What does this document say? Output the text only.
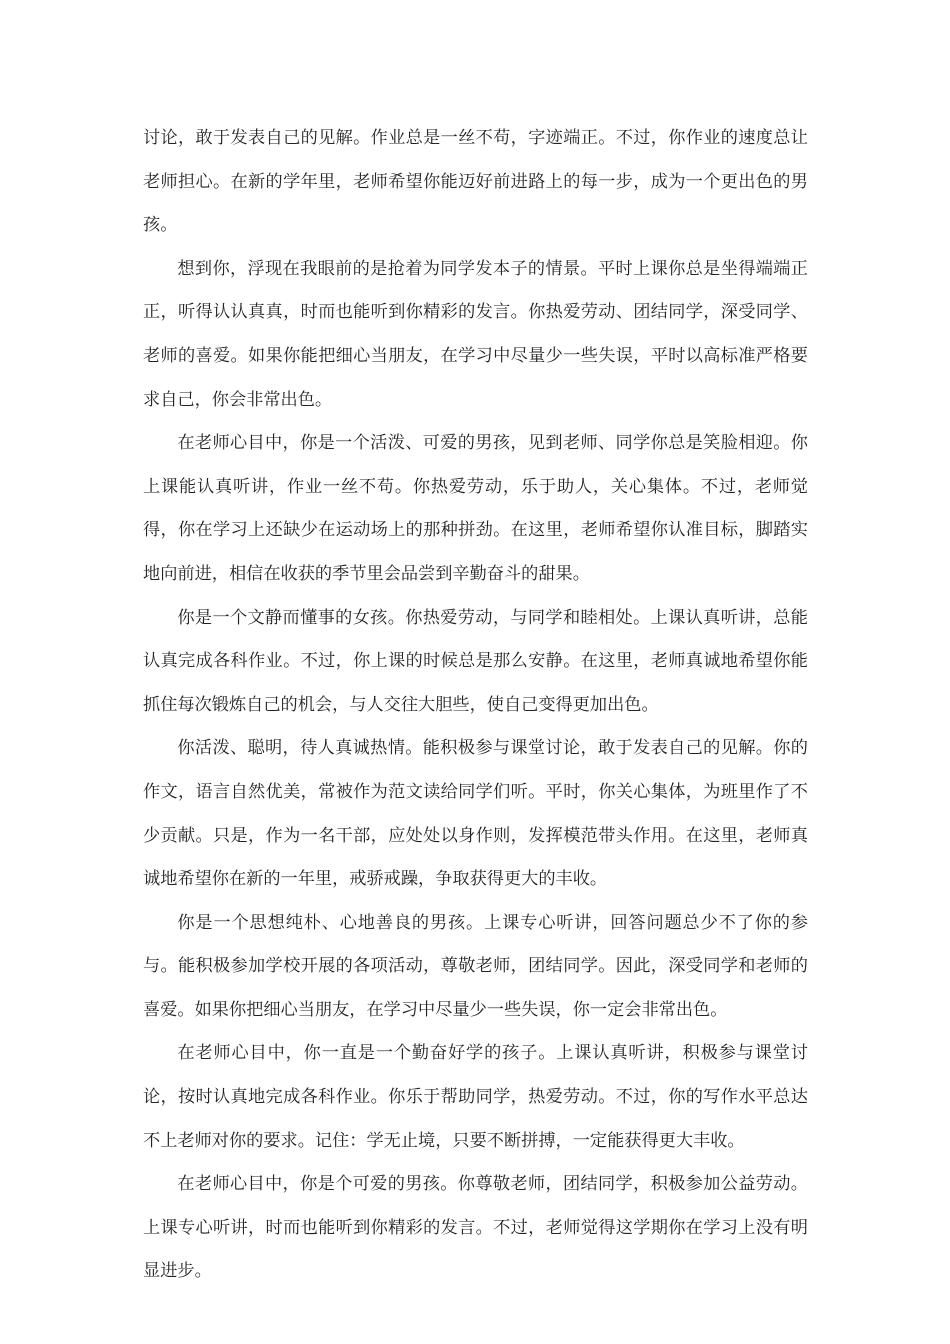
讨论，敢于发表自己的见解。作业总是一丝不苟，字迹端正。不过，你作业的速度总让老师担心。在新的学年里，老师希望你能迈好前进路上的每一步，成为一个更出色的男孩。

想到你，浮现在我眼前的是抢着为同学发本子的情景。平时上课你总是坐得端端正正，听得认认真真，时而也能听到你精彩的发言。你热爱劳动、团结同学，深受同学、老师的喜爱。如果你能把细心当朋友，在学习中尽量少一些失误，平时以高标准严格要求自己，你会非常出色。

在老师心目中，你是一个活泼、可爱的男孩，见到老师、同学你总是笑脸相迎。你上课能认真听讲，作业一丝不苟。你热爱劳动，乐于助人，关心集体。不过，老师觉得，你在学习上还缺少在运动场上的那种拼劲。在这里，老师希望你认准目标，脚踏实地向前进，相信在收获的季节里会品尝到辛勤奋斗的甜果。

你是一个文静而懂事的女孩。你热爱劳动，与同学和睦相处。上课认真听讲，总能认真完成各科作业。不过，你上课的时候总是那么安静。在这里，老师真诚地希望你能抓住每次锻炼自己的机会，与人交往大胆些，使自己变得更加出色。

你活泼、聪明，待人真诚热情。能积极参与课堂讨论，敢于发表自己的见解。你的作文，语言自然优美，常被作为范文读给同学们听。平时，你关心集体，为班里作了不少贡献。只是，作为一名干部，应处处以身作则，发挥模范带头作用。在这里，老师真诚地希望你在新的一年里，戒骄戒躁，争取获得更大的丰收。

你是一个思想纯朴、心地善良的男孩。上课专心听讲，回答问题总少不了你的参与。能积极参加学校开展的各项活动，尊敬老师，团结同学。因此，深受同学和老师的喜爱。如果你把细心当朋友，在学习中尽量少一些失误，你一定会非常出色。

在老师心目中，你一直是一个勤奋好学的孩子。上课认真听讲，积极参与课堂讨论，按时认真地完成各科作业。你乐于帮助同学，热爱劳动。不过，你的写作水平总达不上老师对你的要求。记住：学无止境，只要不断拼搏，一定能获得更大丰收。

在老师心目中，你是个可爱的男孩。你尊敬老师，团结同学，积极参加公益劳动。上课专心听讲，时而也能听到你精彩的发言。不过，老师觉得这学期你在学习上没有明显进步。
